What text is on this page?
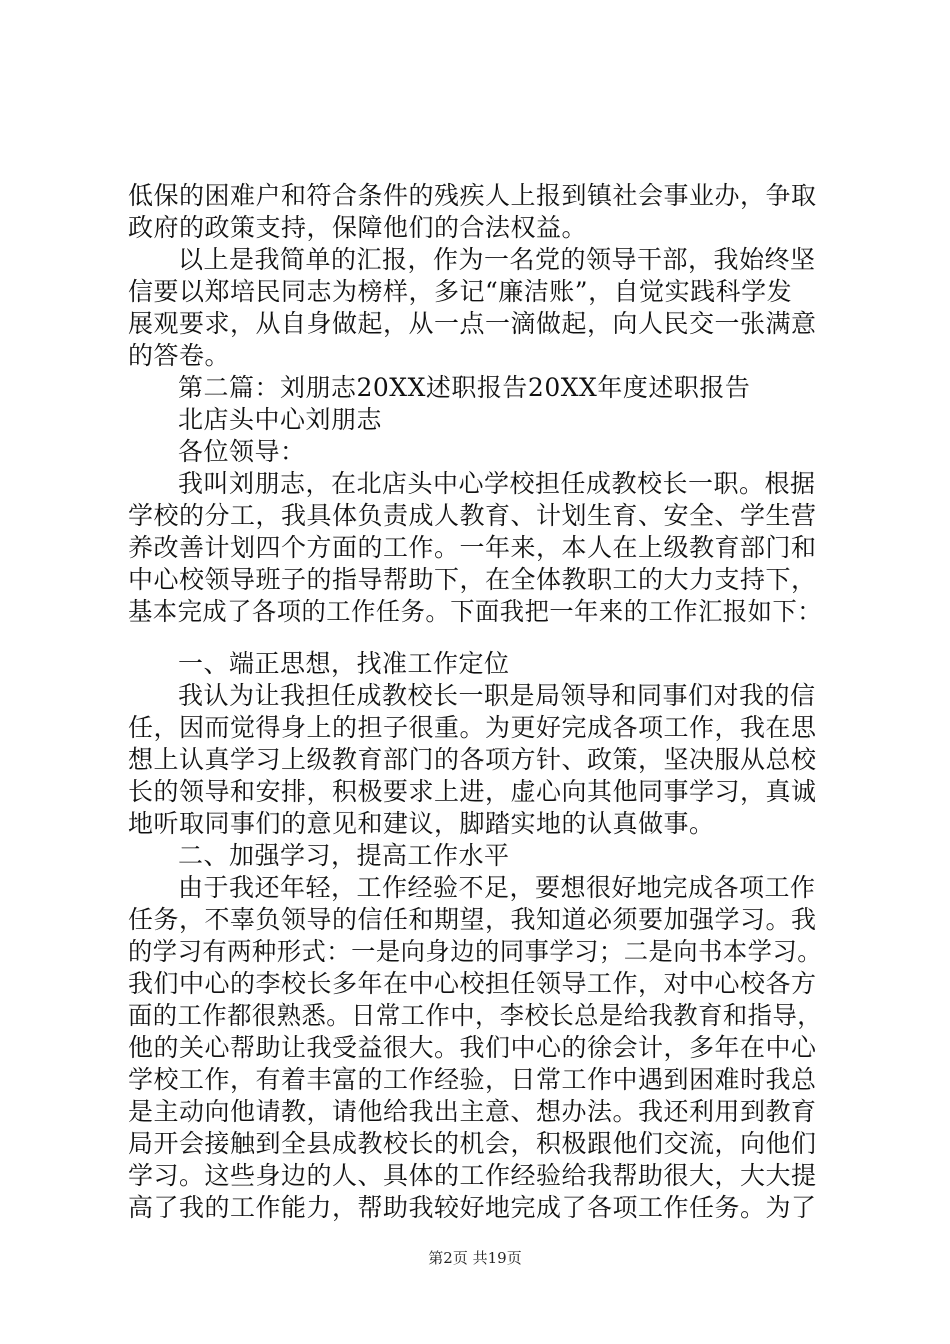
低保的困难户和符合条件的残疾人上报到镇社会事业办，争取
政府的政策支持，保障他们的合法权益。
以上是我简单的汇报，作为一名党的领导干部，我始终坚
信要以郑培民同志为榜样，多记“廉洁账”，自觉实践科学发
展观要求，从自身做起，从一点一滴做起，向人民交一张满意
的答卷。
第二篇：刘朋志20XX述职报告20XX年度述职报告
北店头中心刘朋志
各位领导：
我叫刘朋志，在北店头中心学校担任成教校长一职。根据
学校的分工，我具体负责成人教育、计划生育、安全、学生营
养改善计划四个方面的工作。一年来，本人在上级教育部门和
中心校领导班子的指导帮助下，在全体教职工的大力支持下，
基本完成了各项的工作任务。下面我把一年来的工作汇报如下：
一、端正思想，找准工作定位
我认为让我担任成教校长一职是局领导和同事们对我的信
任，因而觉得身上的担子很重。为更好完成各项工作，我在思
想上认真学习上级教育部门的各项方针、政策，坚决服从总校
长的领导和安排，积极要求上进，虚心向其他同事学习，真诚
地听取同事们的意见和建议，脚踏实地的认真做事。
二、加强学习，提高工作水平
由于我还年轻，工作经验不足，要想很好地完成各项工作
任务，不辜负领导的信任和期望，我知道必须要加强学习。我
的学习有两种形式：一是向身边的同事学习；二是向书本学习。
我们中心的李校长多年在中心校担任领导工作，对中心校各方
面的工作都很熟悉。日常工作中，李校长总是给我教育和指导，
他的关心帮助让我受益很大。我们中心的徐会计，多年在中心
学校工作，有着丰富的工作经验，日常工作中遇到困难时我总
是主动向他请教，请他给我出主意、想办法。我还利用到教育
局开会接触到全县成教校长的机会，积极跟他们交流，向他们
学习。这些身边的人、具体的工作经验给我帮助很大，大大提
高了我的工作能力，帮助我较好地完成了各项工作任务。为了
第2页 共19页
